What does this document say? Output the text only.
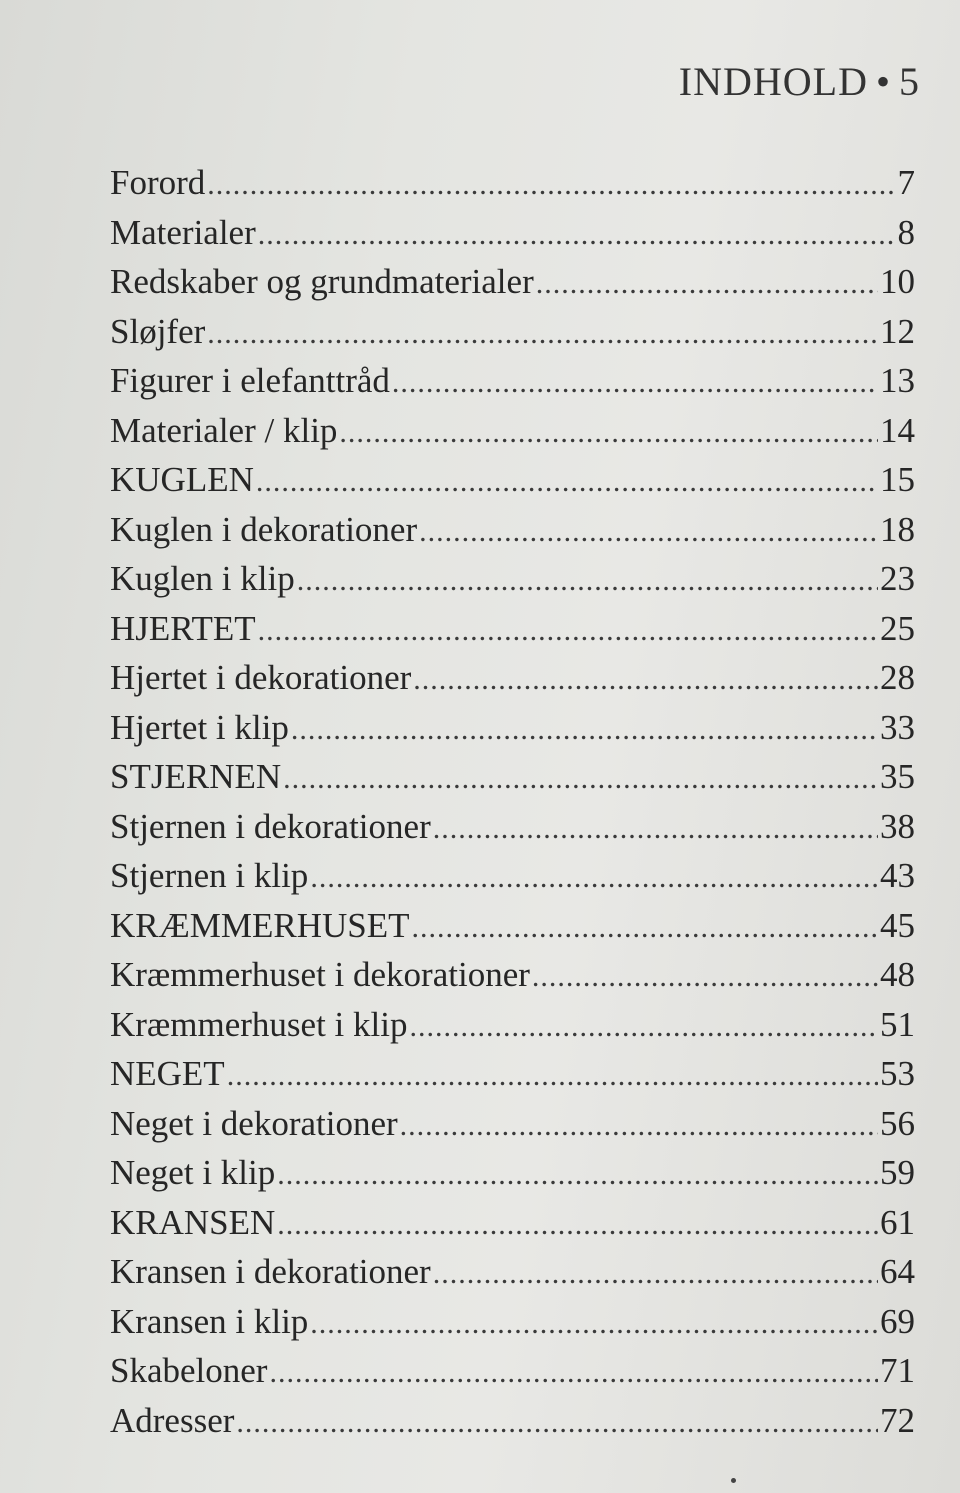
INDHOLD • 5
Forord .....	7
Materialer .....	8
Redskaber og grundmaterialer .....	10
Sløjfer .....	12
Figurer i elefanttråd .....	13
Materialer / klip .....	14
KUGLEN .....	15
Kuglen i dekorationer .....	18
Kuglen i klip .....	23
HJERTET .....	25
Hjertet i dekorationer .....	28
Hjertet i klip .....	33
STJERNEN .....	35
Stjernen i dekorationer .....	38
Stjernen i klip .....	43
KRÆMMERHUSET .....	45
Kræmmerhuset i dekorationer .....	48
Kræmmerhuset i klip .....	51
NEGET .....	53
Neget i dekorationer .....	56
Neget i klip .....	59
KRANSEN .....	61
Kransen i dekorationer .....	64
Kransen i klip .....	69
Skabeloner .....	71
Adresser .....	72
